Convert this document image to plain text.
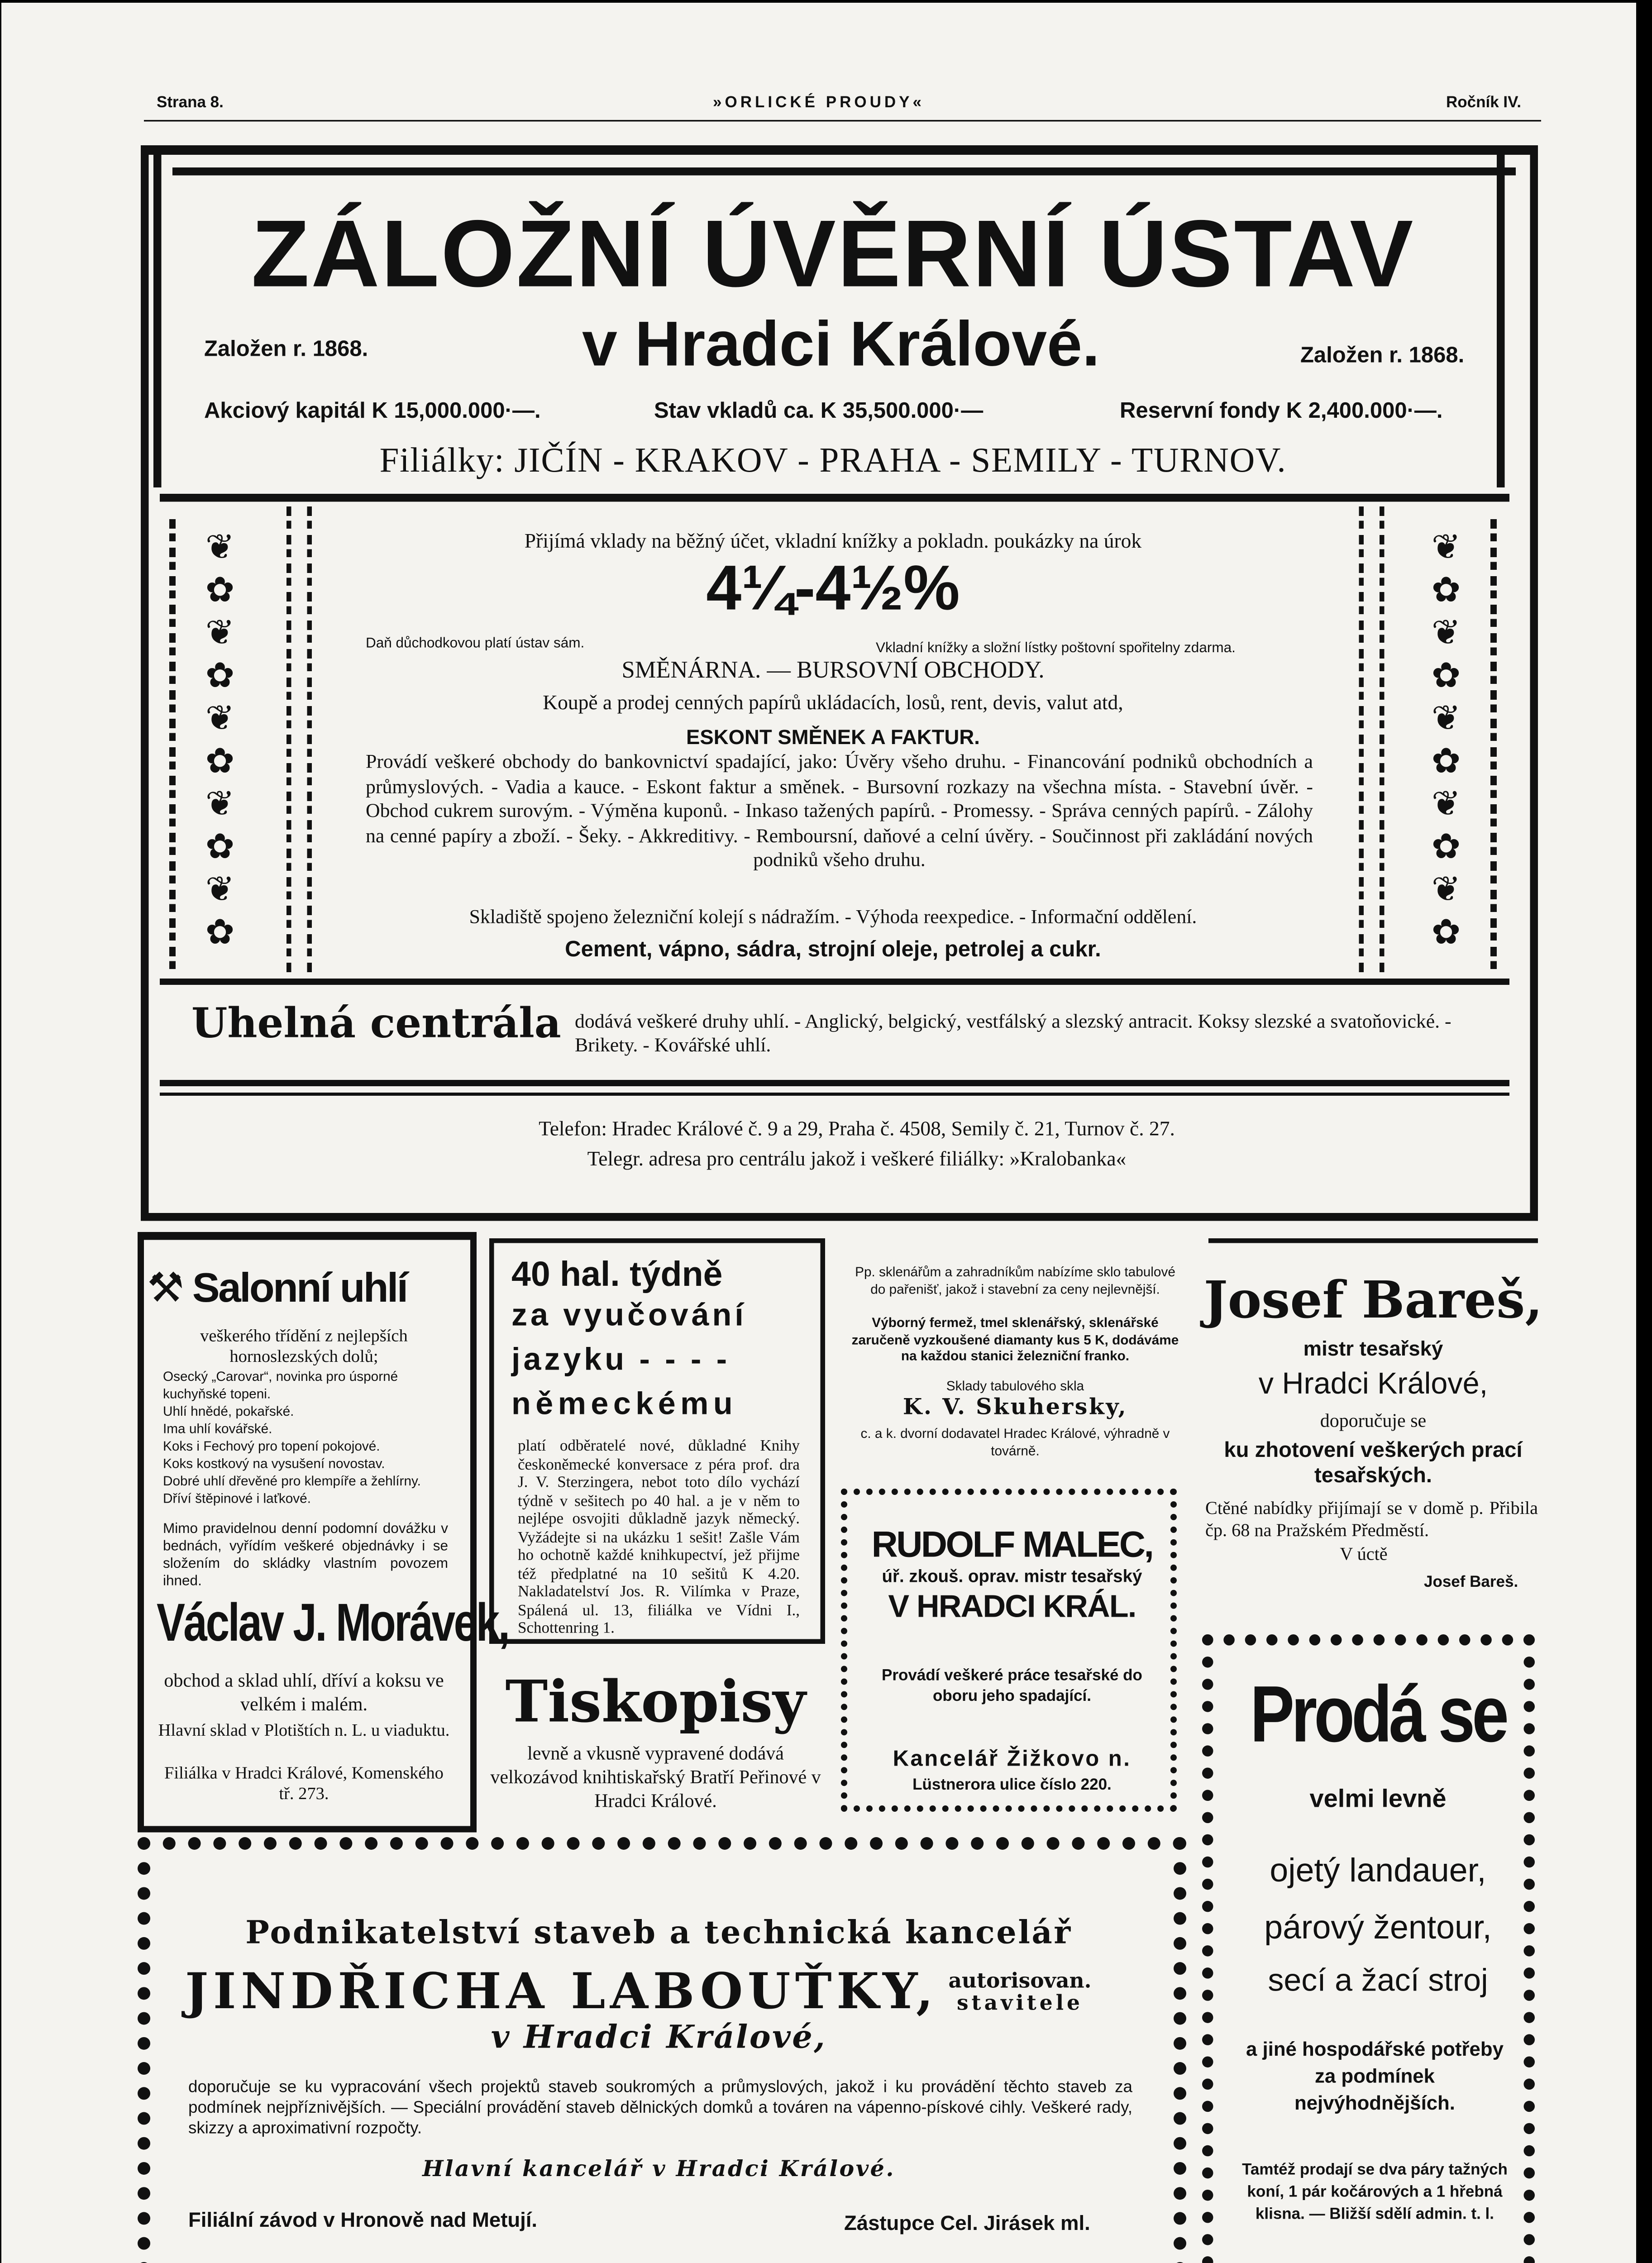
Strana 8.	»ORLICKÉ PROUDY«	Ročník IV.
ZÁLOŽNÍ ÚVĚRNÍ ÚSTAV
Založen r. 1868.	v Hradci Králové.	Založen r. 1868.
Akciový kapitál K 15,000.000·—.	Stav vkladů ca. K 35,500.000·—	Reservní fondy K 2,400.000·—.
Filiálky: JIČÍN - KRAKOV - PRAHA - SEMILY - TURNOV.
❦
✿
❦
✿
❦
✿
❦
✿
❦
✿
❦
✿
❦
✿
❦
✿
❦
✿
❦
✿
Přijímá vklady na běžný účet, vkladní knížky a pokladn. poukázky na úrok
4¼-4½%
Daň důchodkovou platí ústav sám.	Vkladní knížky a složní lístky poštovní spořitelny zdarma.
SMĚNÁRNA. — BURSOVNÍ OBCHODY.
Koupě a prodej cenných papírů ukládacích, losů, rent, devis, valut atd,
ESKONT SMĚNEK A FAKTUR.
Provádí veškeré obchody do bankovnictví spadající, jako: Úvěry všeho druhu. - Financování podniků obchodních a průmyslových. - Vadia a kauce. - Eskont faktur a směnek. - Bursovní rozkazy na všechna místa. - Stavební úvěr. - Obchod cukrem surovým. - Výměna kuponů. - Inkaso tažených papírů. - Promessy. - Správa cenných papírů. - Zálohy na cenné papíry a zboží. - Šeky. - Akkreditivy. - Remboursní, daňové a celní úvěry. - Součinnost při zakládání nových podniků všeho druhu.
Skladiště spojeno železniční kolejí s nádražím. - Výhoda reexpedice. - Informační oddělení.
Cement, vápno, sádra, strojní oleje, petrolej a cukr.
Uhelná centrála dodává veškeré druhy uhlí. - Anglický, belgický, vestfálský a slezský antracit. Koksy slezské a svatoňovické. - Brikety. - Kovářské uhlí.
Telefon: Hradec Králové č. 9 a 29, Praha č. 4508, Semily č. 21, Turnov č. 27.
Telegr. adresa pro centrálu jakož i veškeré filiálky: »Kralobanka«
⚒ Salonní uhlí
veškerého třídění z nejlepších hornoslezských dolů;

Osecký „Carovar“, novinka pro úsporné kuchyňské topeni.

Uhlí hnědé, pokařské.

Ima uhlí kovářské.

Koks i Fechový pro topení pokojové.

Koks kostkový na vysušení novostav.

Dobré uhlí dřevěné pro klempíře a žehlírny.

Dříví štěpinové i laťkové.

Mimo pravidelnou denní podomní dovážku v bednách, vyřídím veškeré objednávky i se složením do skládky vlastním povozem ihned.
Václav J. Morávek,
obchod a sklad uhlí, dříví a koksu ve velkém i malém.
Hlavní sklad v Plotištích n. L. u viaduktu.
Filiálka v Hradci Králové, Komenského tř. 273.
40 hal. týdně
za vyučování
jazyku - - - -
německému
platí odběratelé nové, důkladné Knihy českoněmecké konversace z péra prof. dra J. V. Sterzingera, nebot toto dílo vychází týdně v sešitech po 40 hal. a je v něm to nejlépe osvojiti důkladně jazyk německý. Vyžádejte si na ukázku 1 sešit! Zašle Vám ho ochotně každé knihkupectví, jež přijme též předplatné na 10 sešitů K 4.20. Nakladatelství Jos. R. Vilímka v Praze, Spálená ul. 13, filiálka ve Vídni I., Schottenring 1.
Tiskopisy
levně a vkusně vypravené dodává velkozávod knihtiskařský Bratří Peřinové v Hradci Králové.
Pp. sklenářům a zahradníkům nabízíme sklo tabulové do pařenišť, jakož i stavební za ceny nejlevnější.
Výborný fermež, tmel sklenářský, sklenářské zaručeně vyzkoušené diamanty kus 5 K, dodáváme na každou stanici železniční franko.
Sklady tabulového skla
K. V. Skuhersky,
c. a k. dvorní dodavatel Hradec Králové, výhradně v továrně.
RUDOLF MALEC,
úř. zkouš. oprav. mistr tesařský
V HRADCI KRÁL.
Provádí veškeré práce tesařské do oboru jeho spadající.
Kancelář Žižkovo n.
Lüstnerora ulice číslo 220.
Josef Bareš,
mistr tesařský
v Hradci Králové,
doporučuje se
ku zhotovení veškerých prací tesařských.
Ctěné nabídky přijímají se v domě p. Přibila čp. 68 na Pražském Předměstí.
V úctě
Josef Bareš.
Prodá se
velmi levně
ojetý landauer,
párový žentour,
secí a žací stroj
a jiné hospodářské potřeby za podmínek nejvýhodnějších.
Tamtéž prodají se dva páry tažných koní, 1 pár kočárových a 1 hřebná klisna. — Bližší sdělí admin. t. l.
Podnikatelství staveb a technická kancelář
JINDŘICHA LABOUŤKY,	autorisovan.
stavitele
v Hradci Králové,
doporučuje se ku vypracování všech projektů staveb soukromých a průmyslových, jakož i ku provádění těchto staveb za podmínek nejpříznivějších. — Speciální provádění staveb dělnických domků a továren na vápenno-pískové cihly. Veškeré rady, skizzy a aproximativní rozpočty.
Hlavní kancelář v Hradci Králové.
Filiální závod v Hronově nad Metují.	Zástupce Cel. Jirásek ml.
